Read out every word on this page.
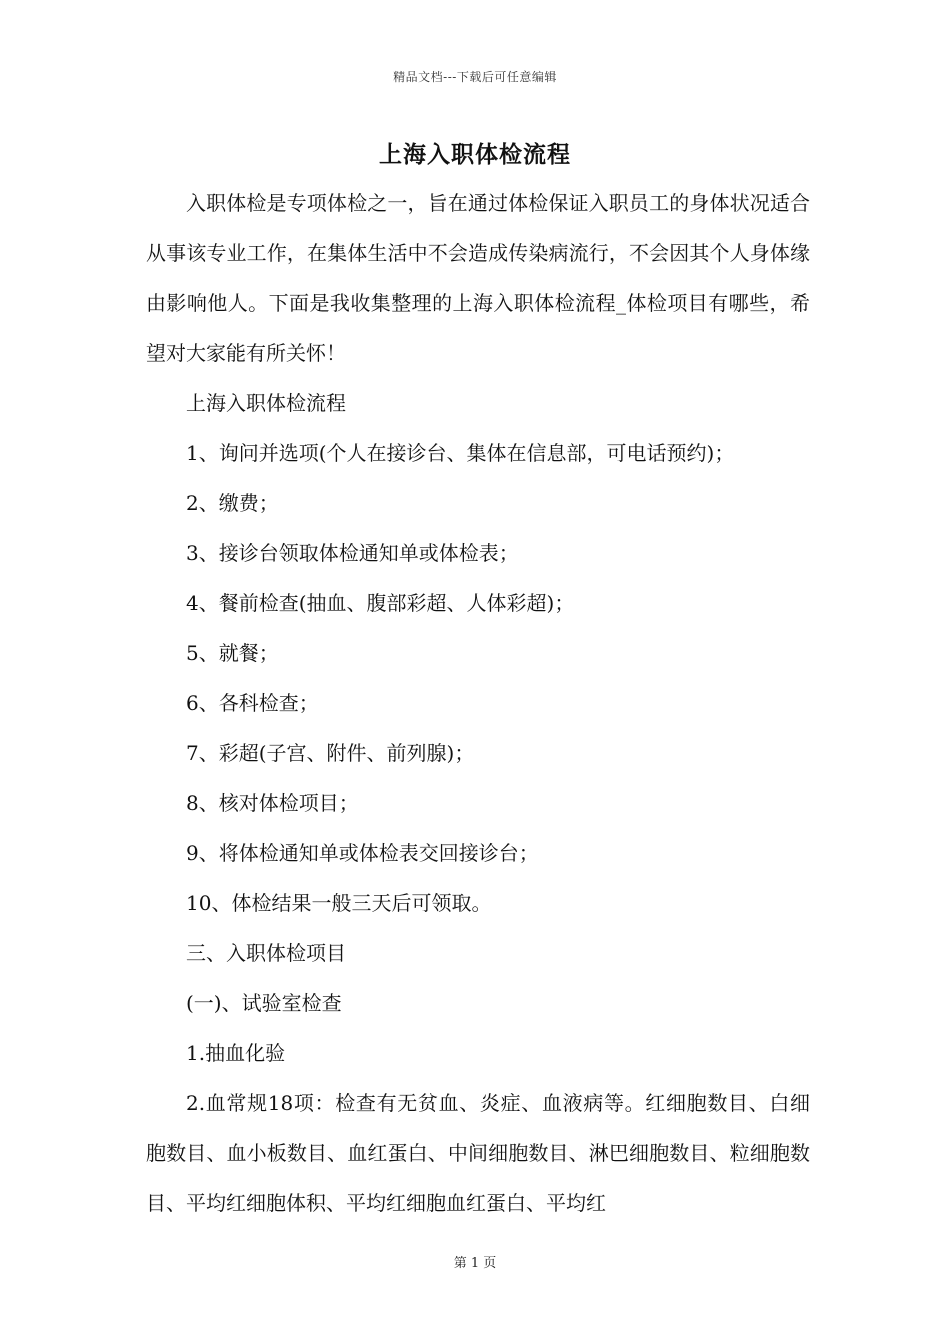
精品文档---下载后可任意编辑
上海入职体检流程

入职体检是专项体检之一，旨在通过体检保证入职员工的身体状况适合从事该专业工作，在集体生活中不会造成传染病流行，不会因其个人身体缘由影响他人。下面是我收集整理的上海入职体检流程_体检项目有哪些，希望对大家能有所关怀！

上海入职体检流程

1、询问并选项(个人在接诊台、集体在信息部，可电话预约)；

2、缴费；

3、接诊台领取体检通知单或体检表；

4、餐前检查(抽血、腹部彩超、人体彩超)；

5、就餐；

6、各科检查；

7、彩超(子宫、附件、前列腺)；

8、核对体检项目；

9、将体检通知单或体检表交回接诊台；

10、体检结果一般三天后可领取。

三、入职体检项目

(一)、试验室检查

1.抽血化验

2.血常规18项：检查有无贫血、炎症、血液病等。红细胞数目、白细胞数目、血小板数目、血红蛋白、中间细胞数目、淋巴细胞数目、粒细胞数目、平均红细胞体积、平均红细胞血红蛋白、平均红

第 1 页
